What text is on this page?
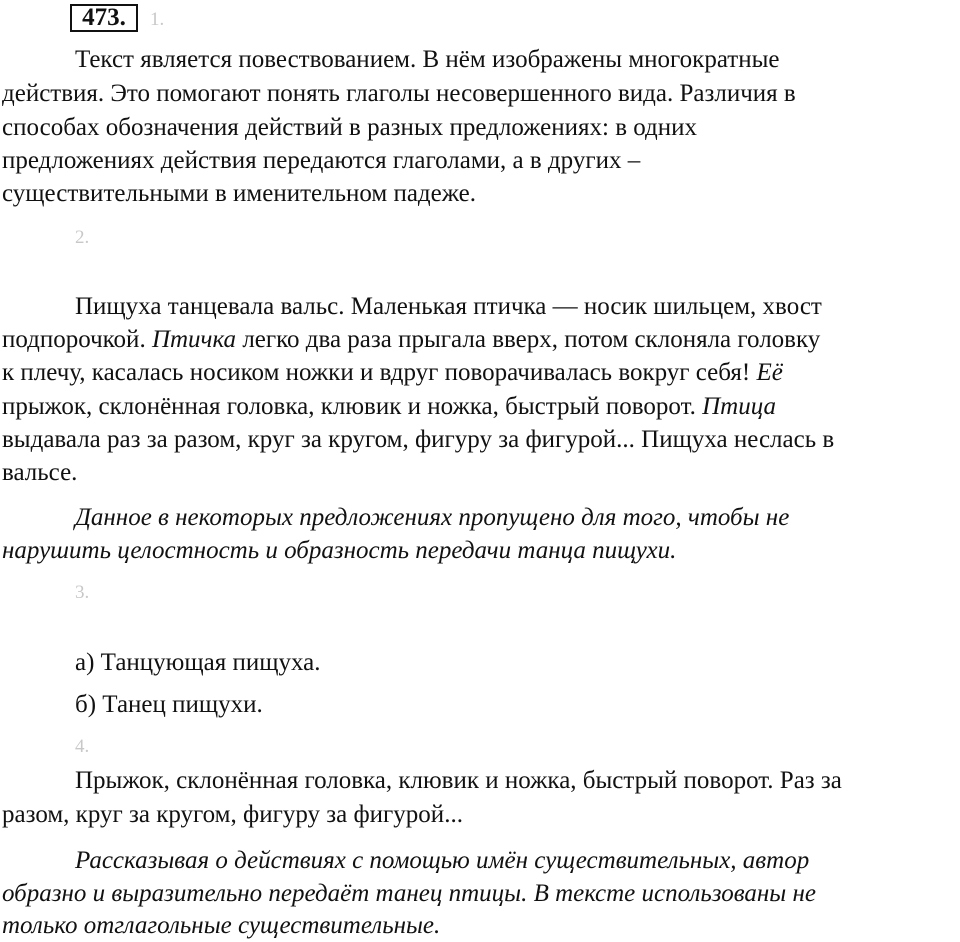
473.	1.
Текст является повествованием. В нём изображены многократные
действия. Это помогают понять глаголы несовершенного вида. Различия в
способах обозначения действий в разных предложениях: в одних
предложениях действия передаются глаголами, а в других –
существительными в именительном падеже.
2.
Пищуха танцевала вальс. Маленькая птичка — носик шильцем, хвост
подпорочкой. Птичка легко два раза прыгала вверх, потом склоняла головку
к плечу, касалась носиком ножки и вдруг поворачивалась вокруг себя! Её
прыжок, склонённая головка, клювик и ножка, быстрый поворот. Птица
выдавала раз за разом, круг за кругом, фигуру за фигурой... Пищуха неслась в
вальсе.
Данное в некоторых предложениях пропущено для того, чтобы не
нарушить целостность и образность передачи танца пищухи.
3.
а) Танцующая пищуха.
б) Танец пищухи.
4.
Прыжок, склонённая головка, клювик и ножка, быстрый поворот. Раз за
разом, круг за кругом, фигуру за фигурой...
Рассказывая о действиях с помощью имён существительных, автор
образно и выразительно передаёт танец птицы. В тексте использованы не
только отглагольные существительные.
